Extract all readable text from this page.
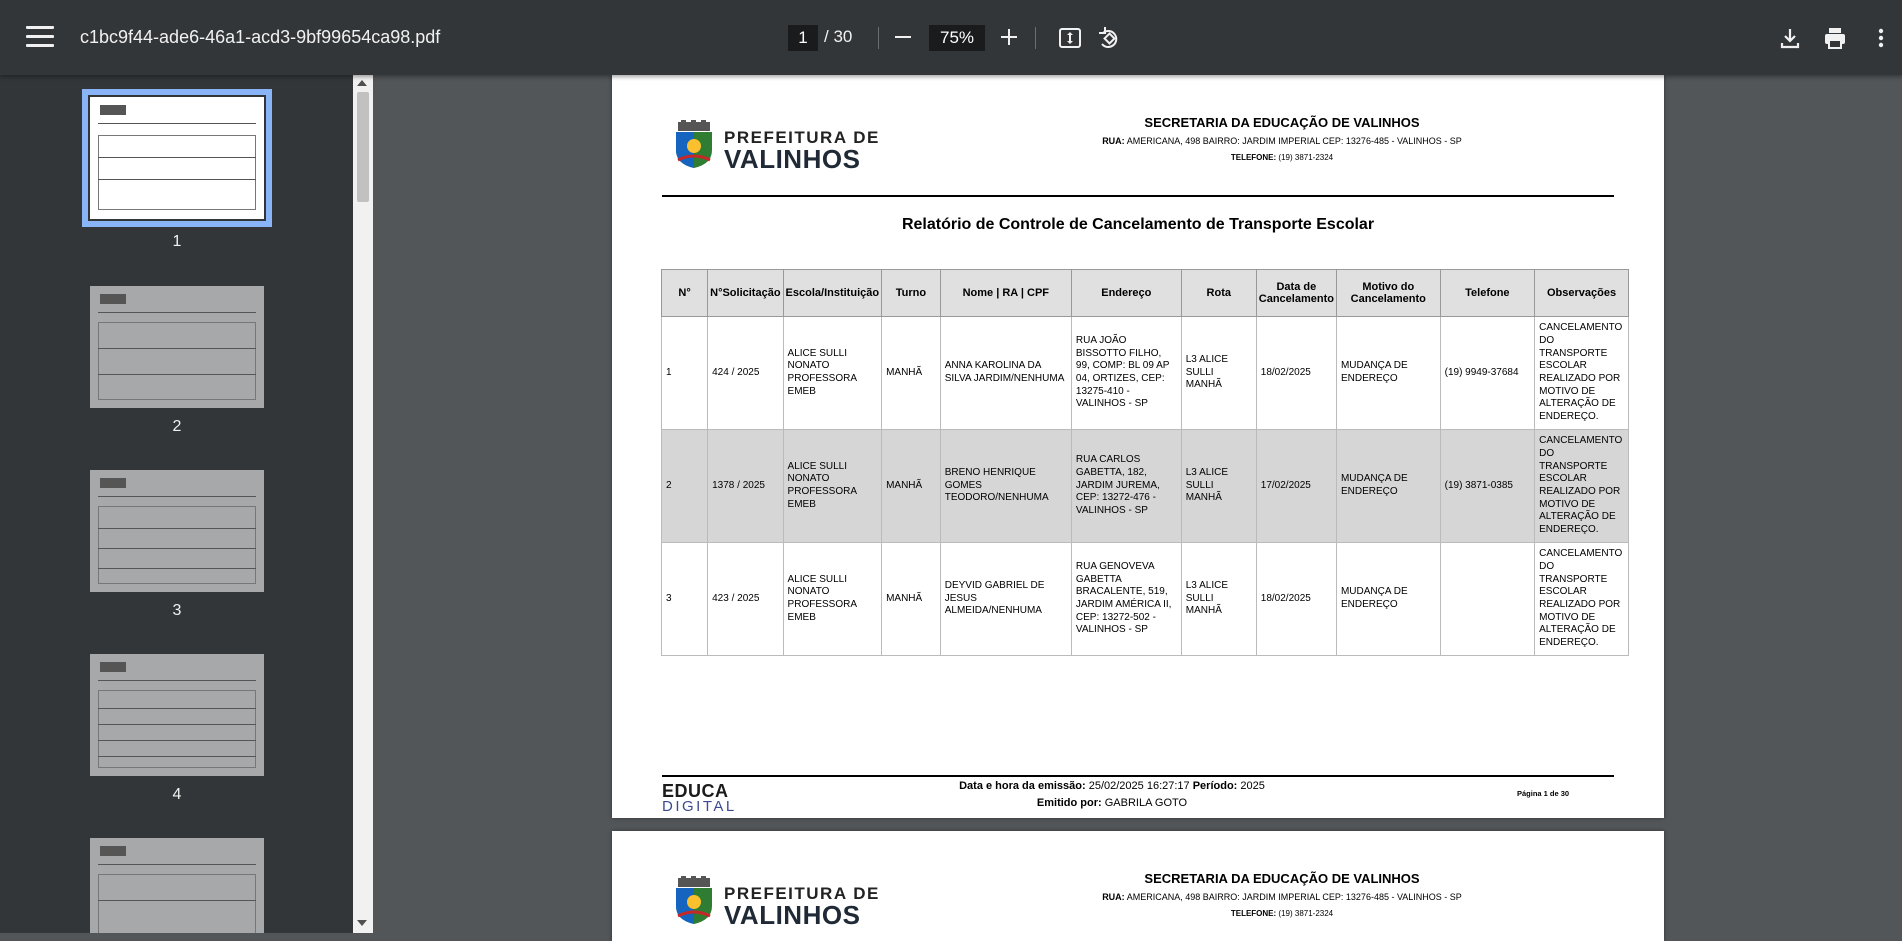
c1bc9f44-ade6-46a1-acd3-9bf99654ca98.pdf
1	/ 30
75%
1
2
3
4
PREFEITURA DE
VALINHOS
SECRETARIA DA EDUCAÇÃO DE VALINHOS
RUA: AMERICANA, 498 BAIRRO: JARDIM IMPERIAL CEP: 13276-485 - VALINHOS - SP
TELEFONE: (19) 3871-2324
Relatório de Controle de Cancelamento de Transporte Escolar
N°	N°Solicitação	Escola/Instituição	Turno	Nome | RA | CPF	Endereço	Rota	Data de Cancelamento	Motivo do Cancelamento	Telefone	Observações
1	424 / 2025	ALICE SULLI NONATO PROFESSORA EMEB	MANHÃ	ANNA KAROLINA DA SILVA JARDIM/NENHUMA	RUA JOÃO BISSOTTO FILHO, 99, COMP: BL 09 AP 04, ORTIZES, CEP: 13275-410 - VALINHOS - SP	L3 ALICE SULLI MANHÃ	18/02/2025	MUDANÇA DE ENDEREÇO	(19) 9949-37684	CANCELAMENTO DO TRANSPORTE ESCOLAR REALIZADO POR MOTIVO DE ALTERAÇÃO DE ENDEREÇO.
2	1378 / 2025	ALICE SULLI NONATO PROFESSORA EMEB	MANHÃ	BRENO HENRIQUE GOMES TEODORO/NENHUMA	RUA CARLOS GABETTA, 182, JARDIM JUREMA, CEP: 13272-476 - VALINHOS - SP	L3 ALICE SULLI MANHÃ	17/02/2025	MUDANÇA DE ENDEREÇO	(19) 3871-0385	CANCELAMENTO DO TRANSPORTE ESCOLAR REALIZADO POR MOTIVO DE ALTERAÇÃO DE ENDEREÇO.
3	423 / 2025	ALICE SULLI NONATO PROFESSORA EMEB	MANHÃ	DEYVID GABRIEL DE JESUS ALMEIDA/NENHUMA	RUA GENOVEVA GABETTA BRACALENTE, 519, JARDIM AMÉRICA II, CEP: 13272-502 - VALINHOS - SP	L3 ALICE SULLI MANHÃ	18/02/2025	MUDANÇA DE ENDEREÇO		CANCELAMENTO DO TRANSPORTE ESCOLAR REALIZADO POR MOTIVO DE ALTERAÇÃO DE ENDEREÇO.
EDUCA
DIGITAL
Data e hora da emissão: 25/02/2025 16:27:17 Período: 2025
Emitido por: GABRILA GOTO
Página 1 de 30
PREFEITURA DE
VALINHOS
SECRETARIA DA EDUCAÇÃO DE VALINHOS
RUA: AMERICANA, 498 BAIRRO: JARDIM IMPERIAL CEP: 13276-485 - VALINHOS - SP
TELEFONE: (19) 3871-2324
